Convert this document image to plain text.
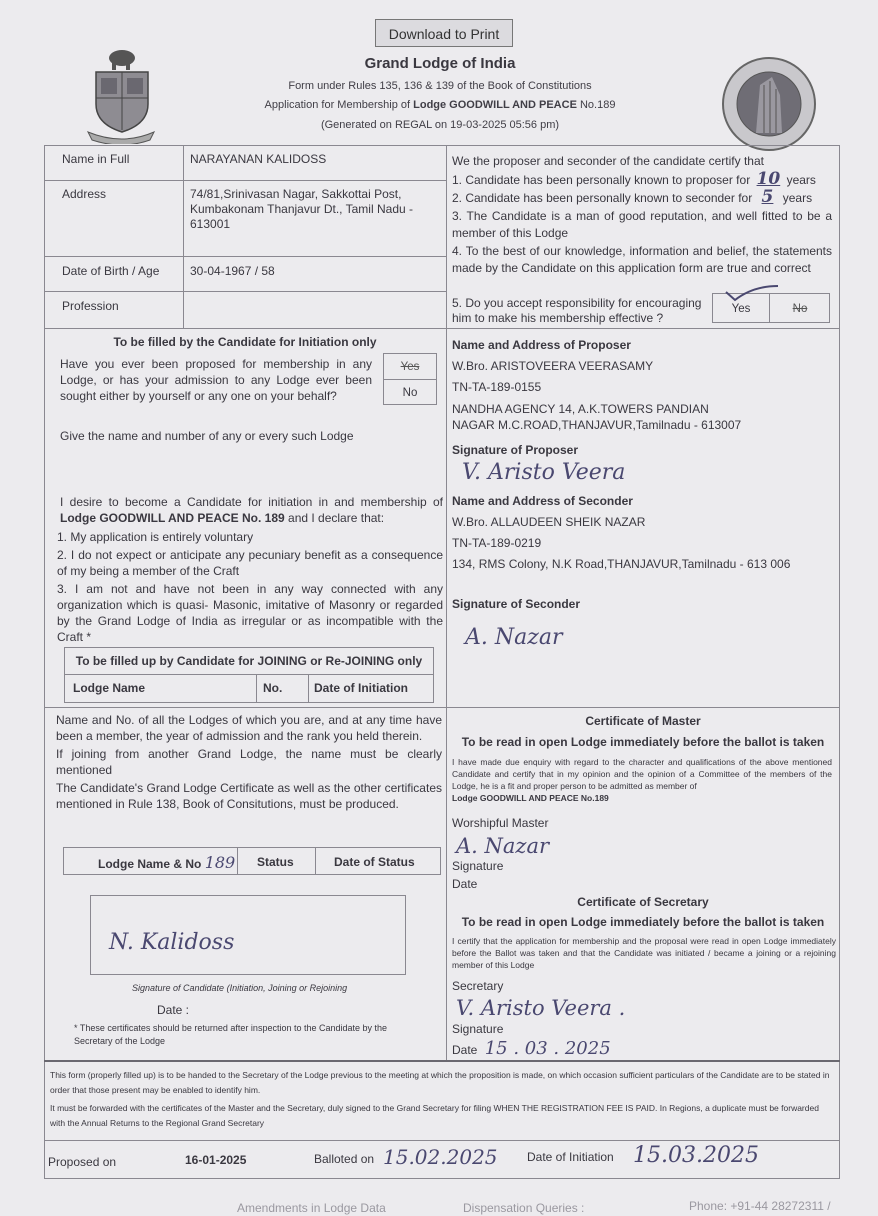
Download to Print
Grand Lodge of India
Form under Rules 135, 136 & 139 of the Book of Constitutions
Application for Membership of Lodge GOODWILL AND PEACE No.189
(Generated on REGAL on 19-03-2025 05:56 pm)
Name in Full	NARAYANAN KALIDOSS
Address	74/81,Srinivasan Nagar, Sakkottai Post, Kumbakonam Thanjavur Dt., Tamil Nadu - 613001
Date of Birth / Age	30-04-1967 / 58
Profession
We the proposer and seconder of the candidate certify that
1. Candidate has been personally known to proposer for 10 years
2. Candidate has been personally known to seconder for 5 years
3. The Candidate is a man of good reputation, and well fitted to be a member of this Lodge
4. To the best of our knowledge, information and belief, the statements made by the Candidate on this application form are true and correct
5. Do you accept responsibility for encouraging him to make his membership effective ?
Yes	No
To be filled by the Candidate for Initiation only
Have you ever been proposed for membership in any Lodge, or has your admission to any Lodge ever been sought either by yourself or any one on your behalf?
Yes
No
Give the name and number of any or every such Lodge
I desire to become a Candidate for initiation in and membership of Lodge GOODWILL AND PEACE No. 189 and I declare that:
1. My application is entirely voluntary
2. I do not expect or anticipate any pecuniary benefit as a consequence of my being a member of the Craft
3. I am not and have not been in any way connected with any organization which is quasi- Masonic, imitative of Masonry or regarded by the Grand Lodge of India as irregular or as incompatible with the Craft *
To be filled up by Candidate for JOINING or Re-JOINING only
Lodge Name	No.	Date of Initiation
Name and No. of all the Lodges of which you are, and at any time have been a member, the year of admission and the rank you held therein.
If joining from another Grand Lodge, the name must be clearly mentioned
The Candidate's Grand Lodge Certificate as well as the other certificates mentioned in Rule 138, Book of Consitutions, must be produced.
Lodge Name & No 189 Status	Date of Status
N. Kalidoss
Signature of Candidate (Initiation, Joining or Rejoining
Date :
* These certificates should be returned after inspection to the Candidate by the Secretary of the Lodge
Name and Address of Proposer
W.Bro. ARISTOVEERA VEERASAMY
TN-TA-189-0155
NANDHA AGENCY 14, A.K.TOWERS PANDIAN NAGAR M.C.ROAD,THANJAVUR,Tamilnadu - 613007
Signature of Proposer
V. Aristo Veera
Name and Address of Seconder
W.Bro. ALLAUDEEN SHEIK NAZAR
TN-TA-189-0219
134, RMS Colony, N.K Road,THANJAVUR,Tamilnadu - 613 006
Signature of Seconder
A. Nazar
Certificate of Master
To be read in open Lodge immediately before the ballot is taken
I have made due enquiry with regard to the character and qualifications of the above mentioned Candidate and certify that in my opinion and the opinion of a Committee of the members of the Lodge, he is a fit and proper person to be admitted as member of
Lodge GOODWILL AND PEACE No.189
Worshipful Master
A. Nazar
Signature
Date
Certificate of Secretary
To be read in open Lodge immediately before the ballot is taken
I certify that the application for membership and the proposal were read in open Lodge immediately before the Ballot was taken and that the Candidate was initiated / became a joining or a rejoining member of this Lodge
Secretary
V. Aristo Veera .
Signature
Date 15 . 03 . 2025
This form (properly filled up) is to be handed to the Secretary of the Lodge previous to the meeting at which the proposition is made, on which occasion sufficient particulars of the Candidate are to be stated in order that those present may be enabled to identify him.
It must be forwarded with the certificates of the Master and the Secretary, duly signed to the Grand Secretary for filing WHEN THE REGISTRATION FEE IS PAID. In Regions, a duplicate must be forwarded with the Annual Returns to the Regional Grand Secretary
Proposed on	16-01-2025	Balloted on 15.02.2025 Date of Initiation 15.03.2025
Amendments in Lodge Data	Dispensation Queries :	Phone: +91-44 28272311 /
